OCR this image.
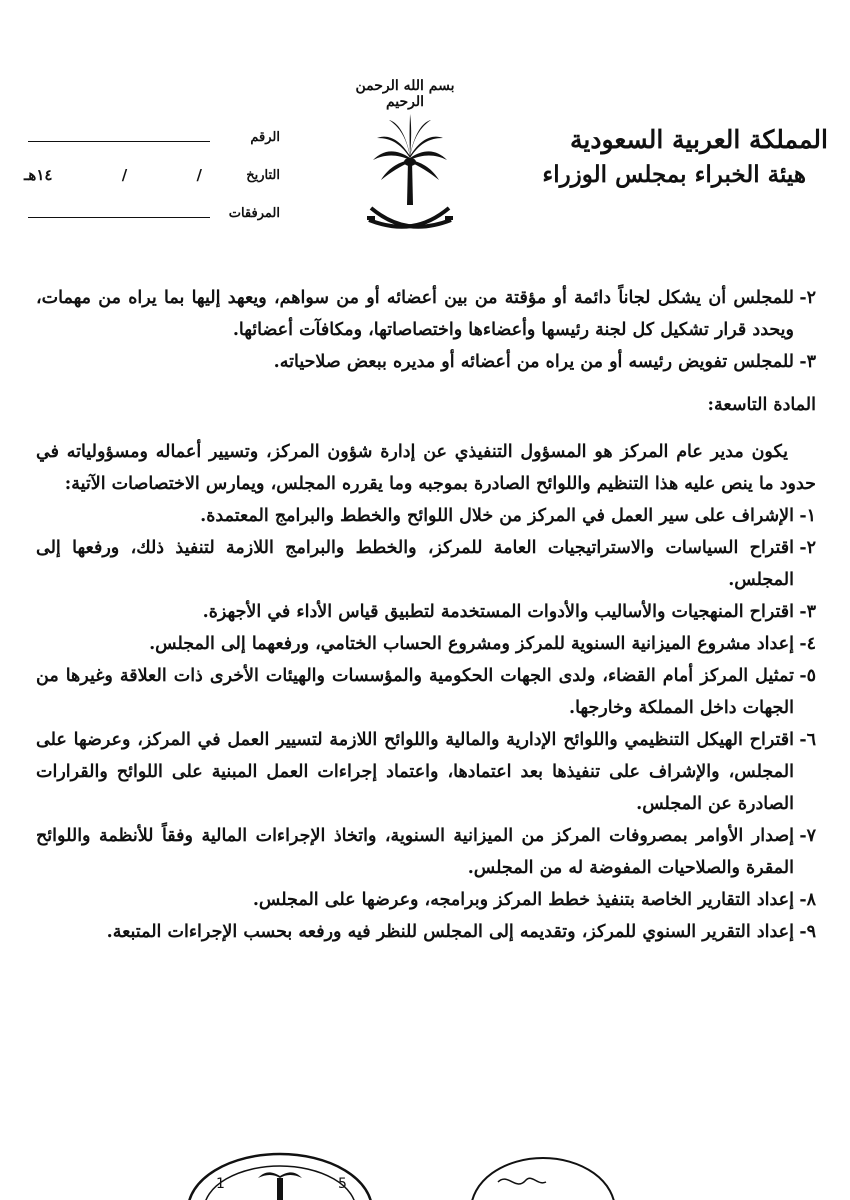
بسم الله الرحمن الرحيم
المملكة العربية السعودية
هيئة الخبراء بمجلس الوزراء
الرقم
التاريخ
/
/
١٤هـ
المرفقات
٢-
للمجلس أن يشكل لجاناً دائمة أو مؤقتة من بين أعضائه أو من سواهم، ويعهد إليها بما يراه من مهمات، ويحدد قرار تشكيل كل لجنة رئيسها وأعضاءها واختصاصاتها، ومكافآت أعضائها.
٣-
للمجلس تفويض رئيسه أو من يراه من أعضائه أو مديره ببعض صلاحياته.
المادة التاسعة:

يكون مدير عام المركز هو المسؤول التنفيذي عن إدارة شؤون المركز، وتسيير أعماله ومسؤولياته في حدود ما ينص عليه هذا التنظيم واللوائح الصادرة بموجبه وما يقرره المجلس، ويمارس الاختصاصات الآتية:

١-
الإشراف على سير العمل في المركز من خلال اللوائح والخطط والبرامج المعتمدة.
٢-
اقتراح السياسات والاستراتيجيات العامة للمركز، والخطط والبرامج اللازمة لتنفيذ ذلك، ورفعها إلى المجلس.
٣-
اقتراح المنهجيات والأساليب والأدوات المستخدمة لتطبيق قياس الأداء في الأجهزة.
٤-
إعداد مشروع الميزانية السنوية للمركز ومشروع الحساب الختامي، ورفعهما إلى المجلس.
٥-
تمثيل المركز أمام القضاء، ولدى الجهات الحكومية والمؤسسات والهيئات الأخرى ذات العلاقة وغيرها من الجهات داخل المملكة وخارجها.
٦-
اقتراح الهيكل التنظيمي واللوائح الإدارية والمالية واللوائح اللازمة لتسيير العمل في المركز، وعرضها على المجلس، والإشراف على تنفيذها بعد اعتمادها، واعتماد إجراءات العمل المبنية على اللوائح والقرارات الصادرة عن المجلس.
٧-
إصدار الأوامر بمصروفات المركز من الميزانية السنوية، واتخاذ الإجراءات المالية وفقاً للأنظمة واللوائح المقرة والصلاحيات المفوضة له من المجلس.
٨-
إعداد التقارير الخاصة بتنفيذ خطط المركز وبرامجه، وعرضها على المجلس.
٩-
إعداد التقرير السنوي للمركز، وتقديمه إلى المجلس للنظر فيه ورفعه بحسب الإجراءات المتبعة.
1	5
